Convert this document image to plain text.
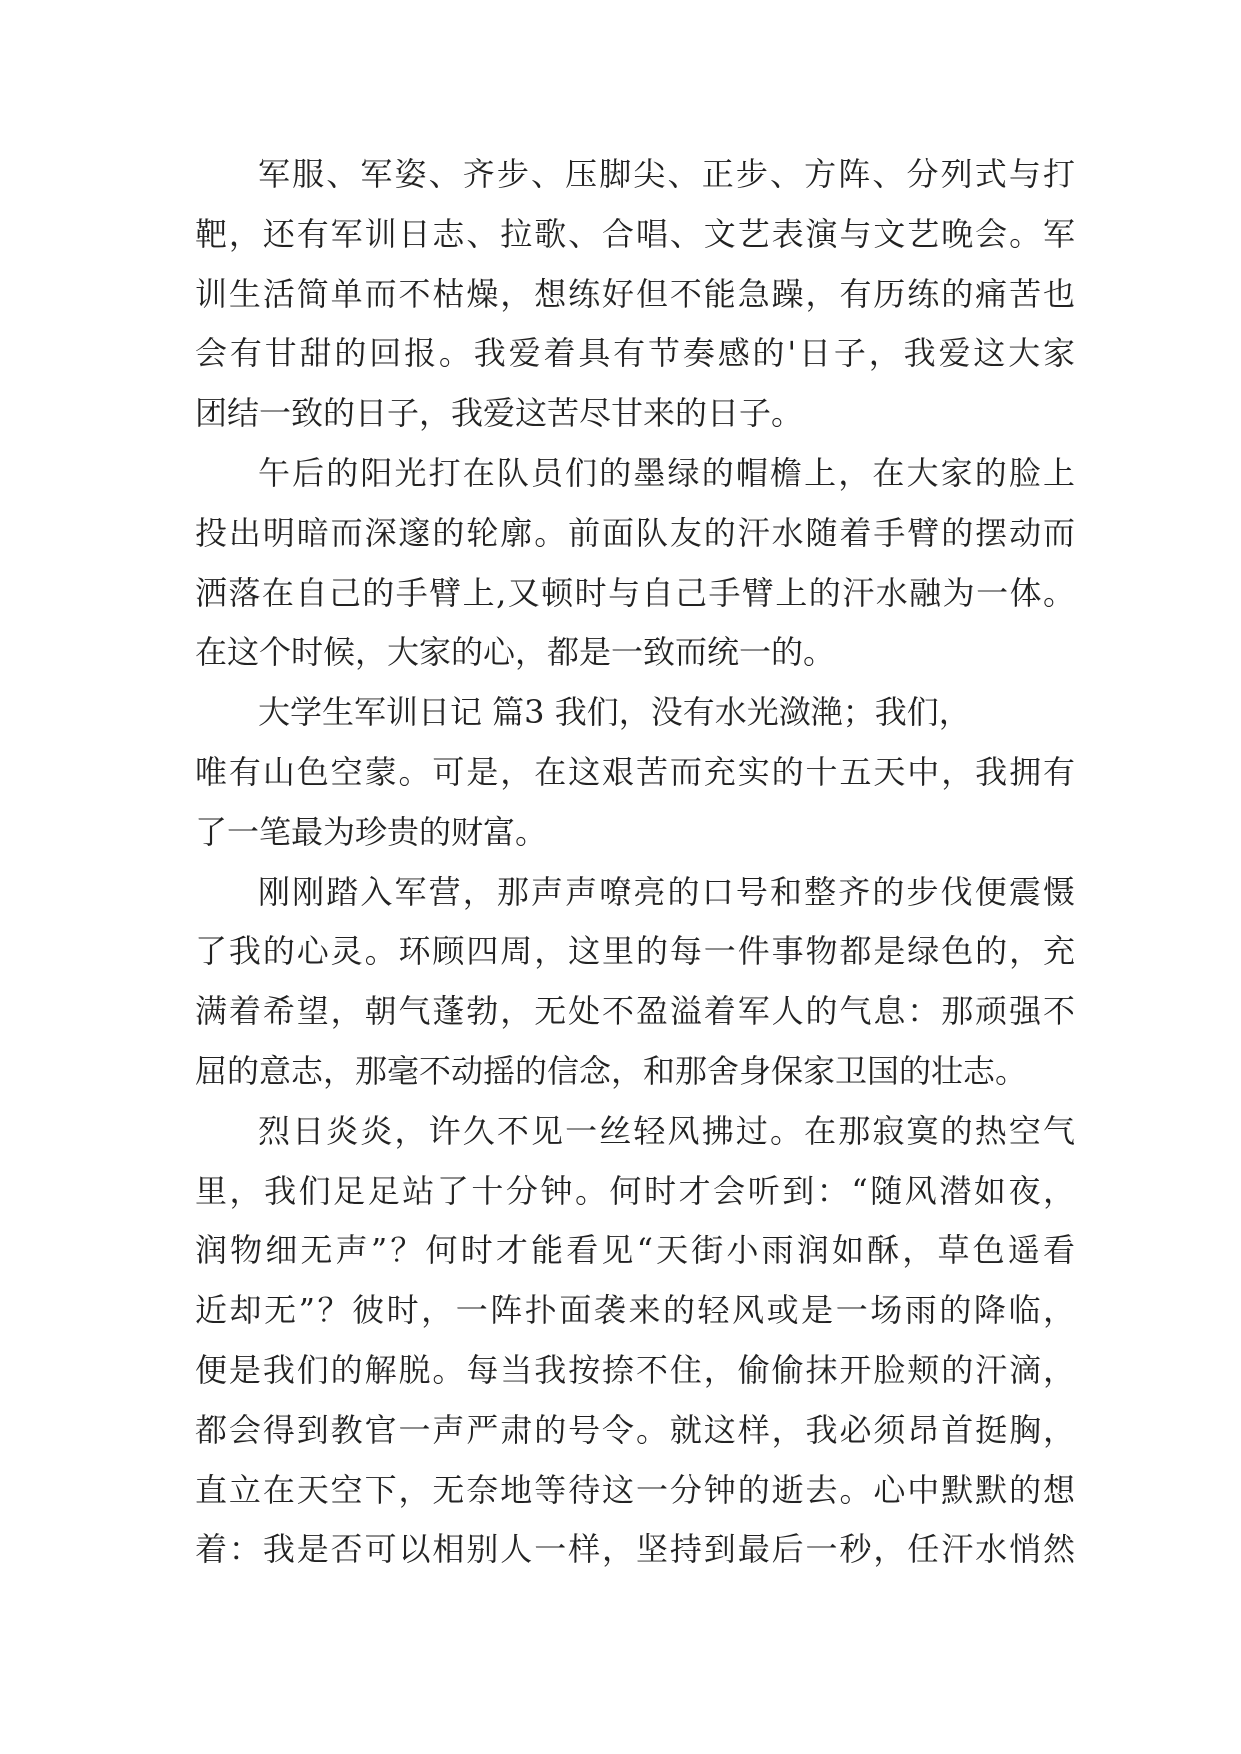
军服、军姿、齐步、压脚尖、正步、方阵、分列式与打
靶，还有军训日志、拉歌、合唱、文艺表演与文艺晚会。军
训生活简单而不枯燥，想练好但不能急躁，有历练的痛苦也
会有甘甜的回报。我爱着具有节奏感的'日子，我爱这大家
团结一致的日子，我爱这苦尽甘来的日子。
午后的阳光打在队员们的墨绿的帽檐上，在大家的脸上
投出明暗而深邃的轮廓。前面队友的汗水随着手臂的摆动而
洒落在自己的手臂上,又顿时与自己手臂上的汗水融为一体。
在这个时候，大家的心，都是一致而统一的。
大学生军训日记 篇3 我们，没有水光潋滟；我们，
唯有山色空蒙。可是，在这艰苦而充实的十五天中，我拥有
了一笔最为珍贵的财富。
刚刚踏入军营，那声声嘹亮的口号和整齐的步伐便震慑
了我的心灵。环顾四周，这里的每一件事物都是绿色的，充
满着希望，朝气蓬勃，无处不盈溢着军人的气息：那顽强不
屈的意志，那毫不动摇的信念，和那舍身保家卫国的壮志。
烈日炎炎，许久不见一丝轻风拂过。在那寂寞的热空气
里，我们足足站了十分钟。何时才会听到：“随风潜如夜，
润物细无声”？何时才能看见“天街小雨润如酥，草色遥看
近却无”？彼时，一阵扑面袭来的轻风或是一场雨的降临，
便是我们的解脱。每当我按捺不住，偷偷抹开脸颊的汗滴，
都会得到教官一声严肃的号令。就这样，我必须昂首挺胸，
直立在天空下，无奈地等待这一分钟的逝去。心中默默的想
着：我是否可以相别人一样，坚持到最后一秒，任汗水悄然
